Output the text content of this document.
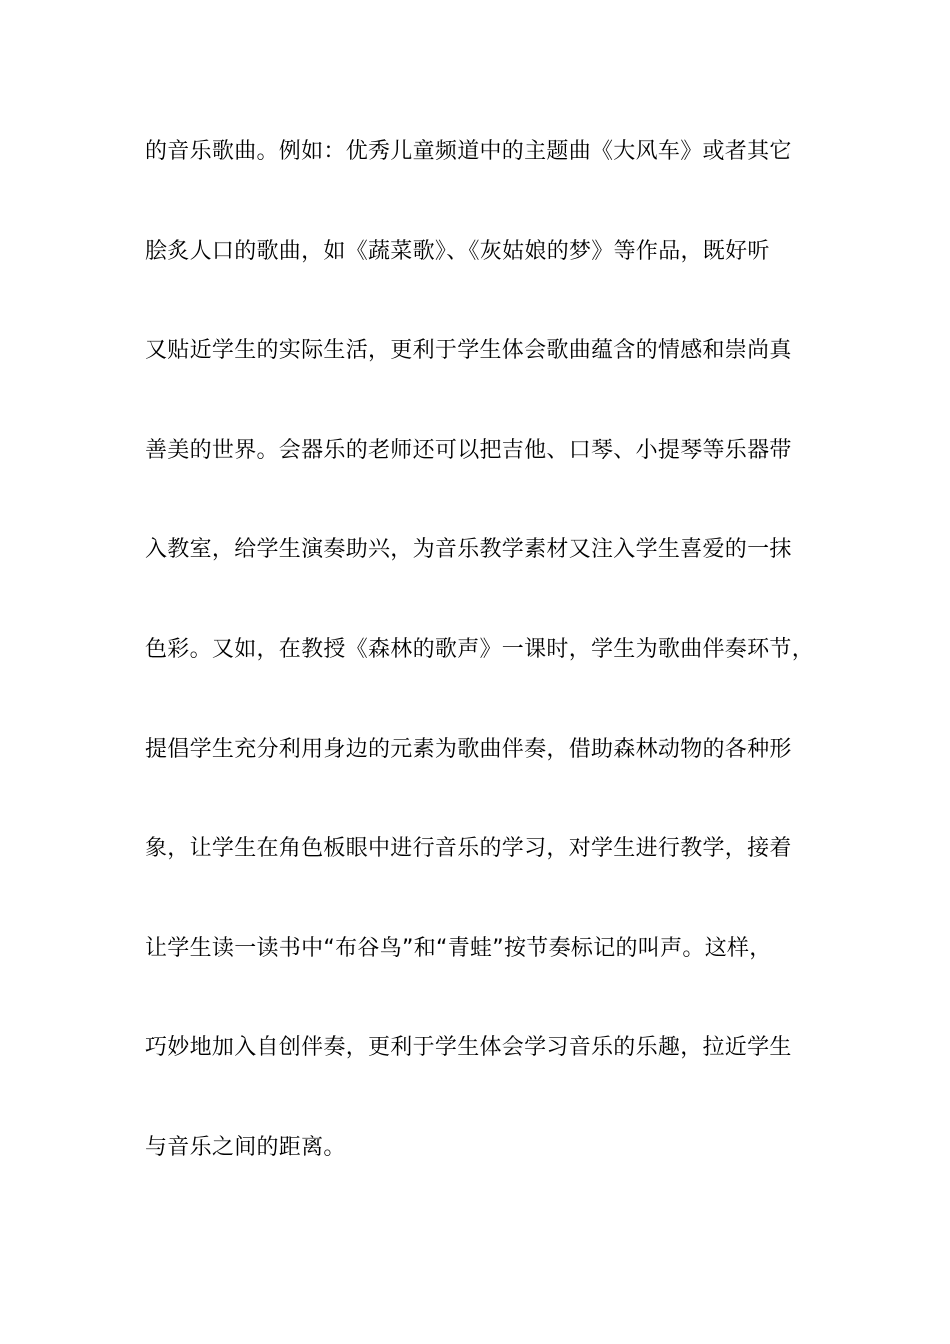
的音乐歌曲。例如：优秀儿童频道中的主题曲《大风车》或者其它
脍炙人口的歌曲，如《蔬菜歌》、《灰姑娘的梦》等作品，既好听
又贴近学生的实际生活，更利于学生体会歌曲蕴含的情感和崇尚真
善美的世界。会器乐的老师还可以把吉他、口琴、小提琴等乐器带
入教室，给学生演奏助兴，为音乐教学素材又注入学生喜爱的一抹
色彩。又如，在教授《森林的歌声》一课时，学生为歌曲伴奏环节，
提倡学生充分利用身边的元素为歌曲伴奏，借助森林动物的各种形
象，让学生在角色板眼中进行音乐的学习，对学生进行教学，接着
让学生读一读书中“布谷鸟”和“青蛙”按节奏标记的叫声。这样，
巧妙地加入自创伴奏，更利于学生体会学习音乐的乐趣，拉近学生
与音乐之间的距离。
